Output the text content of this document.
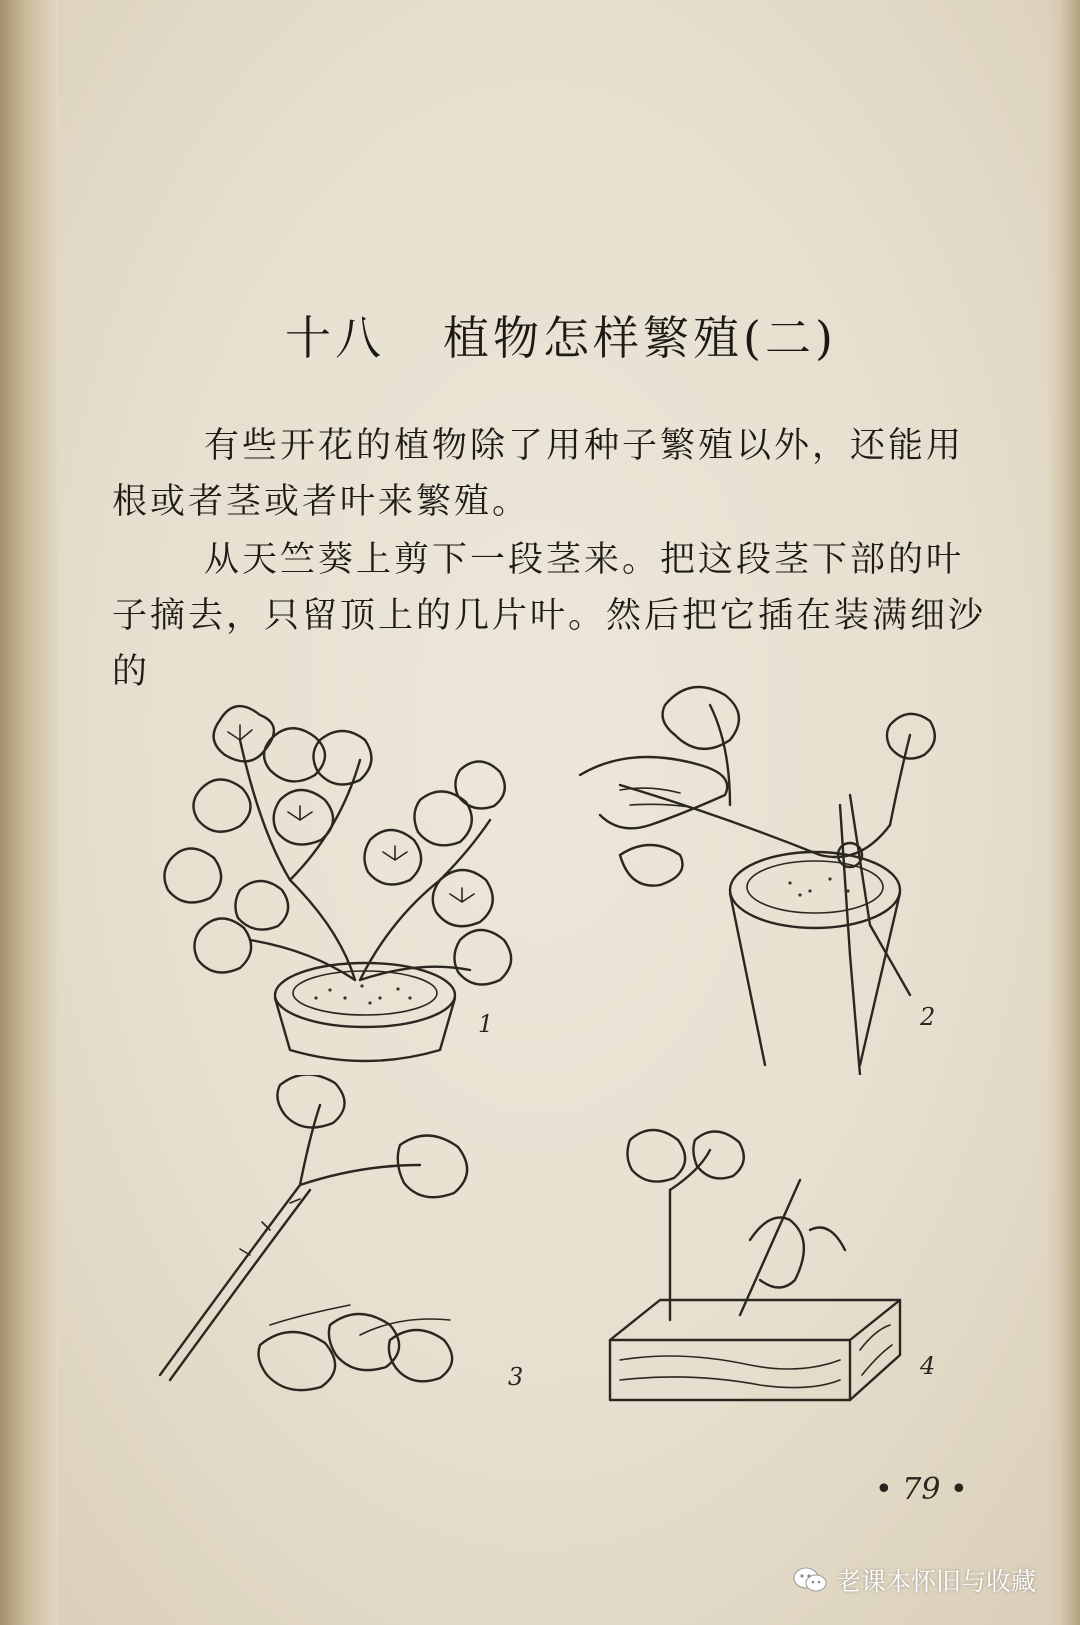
十八 植物怎样繁殖(二)
有些开花的植物除了用种子繁殖以外，还能用根或者茎或者叶来繁殖。
从天竺葵上剪下一段茎来。把这段茎下部的叶子摘去，只留顶上的几片叶。然后把它插在装满细沙的
1	2
3	4
• 79 •
老课本怀旧与收藏
